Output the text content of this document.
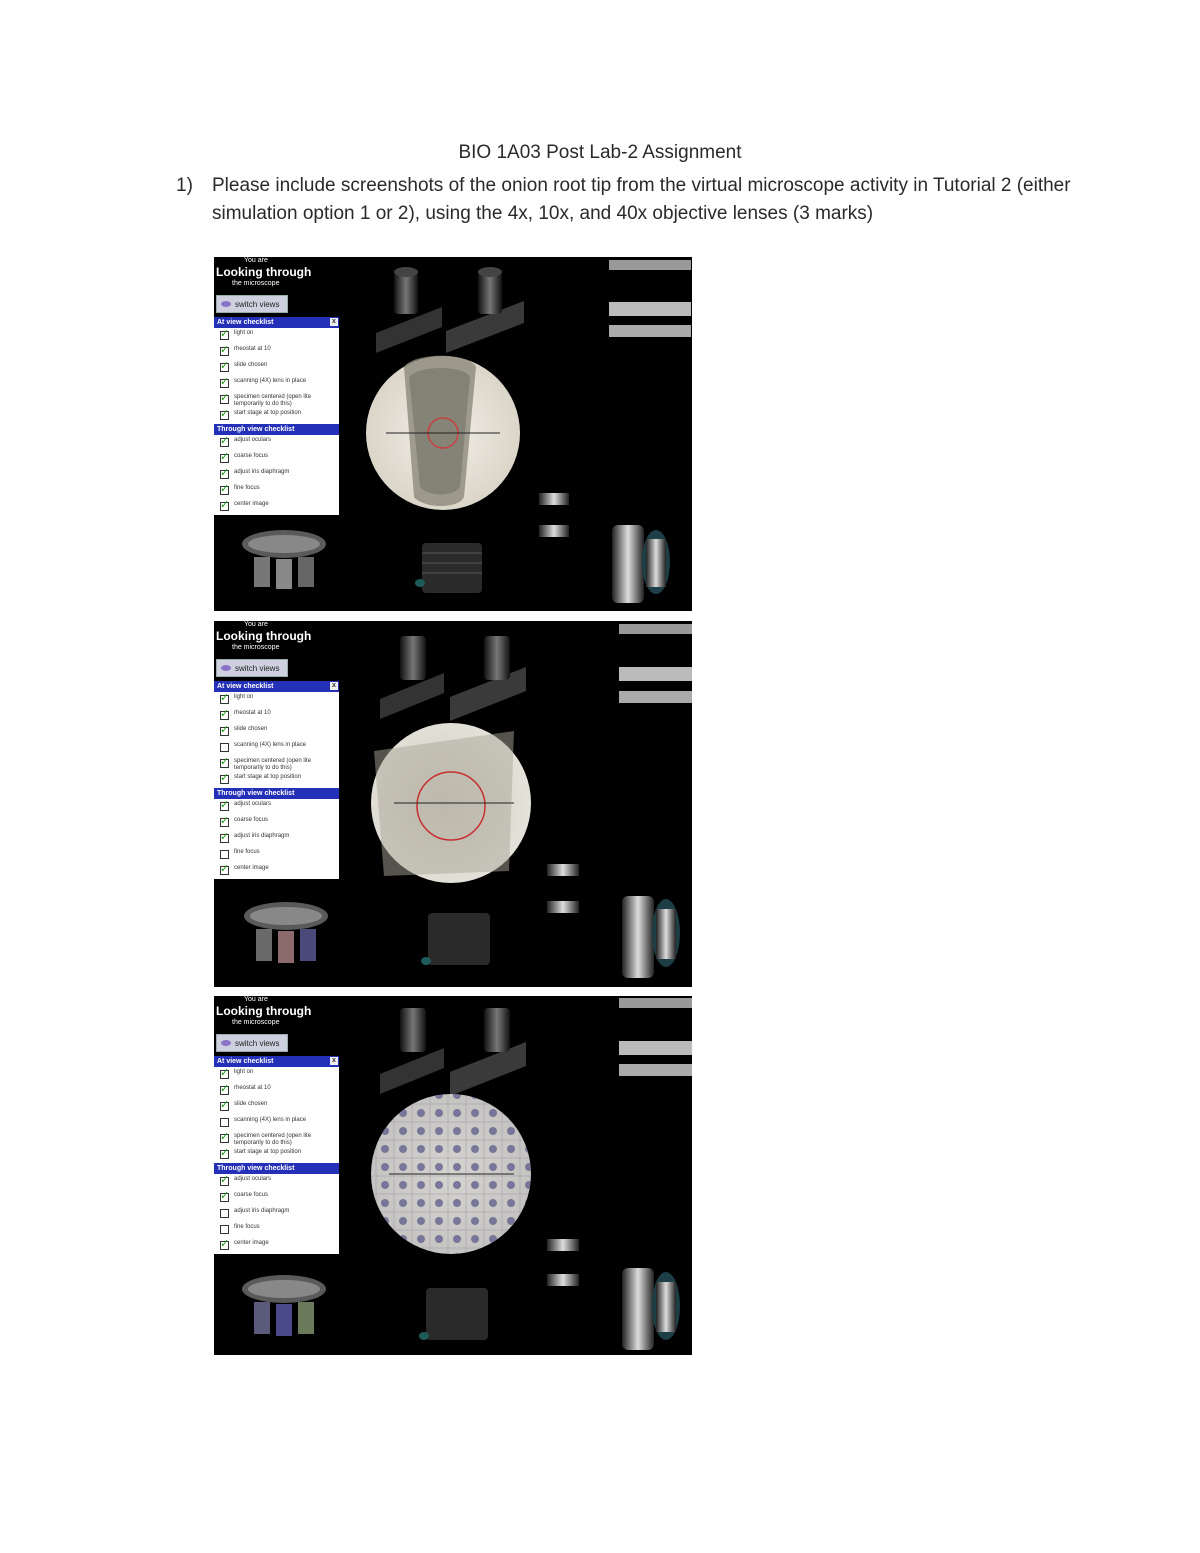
BIO 1A03 Post Lab-2 Assignment
1) Please include screenshots of the onion root tip from the virtual microscope activity in Tutorial 2 (either simulation option 1 or 2), using the 4x, 10x, and 40x objective lenses (3 marks)
You are
Looking through
the microscope
switch views
At view checklist	x
✓ light on
✓ rheostat at 10
✓ slide chosen
✓ scanning (4X) lens in place
✓ specimen centered (open lite temporarily to do this)
✓ start stage at top position
Through view checklist
✓ adjust oculars
✓ coarse focus
✓ adjust iris diaphragm
✓ fine focus
✓ center image
You are
Looking through
the microscope
switch views
At view checklist	x
✓ light on
✓ rheostat at 10
✓ slide chosen
scanning (4X) lens in place
✓ specimen centered (open lite temporarily to do this)
✓ start stage at top position
Through view checklist
✓ adjust oculars
✓ coarse focus
✓ adjust iris diaphragm
fine focus
✓ center image
You are
Looking through
the microscope
switch views
At view checklist	x
✓ light on
✓ rheostat at 10
✓ slide chosen
scanning (4X) lens in place
✓ specimen centered (open lite temporarily to do this)
✓ start stage at top position
Through view checklist
✓ adjust oculars
✓ coarse focus
adjust iris diaphragm
fine focus
✓ center image
